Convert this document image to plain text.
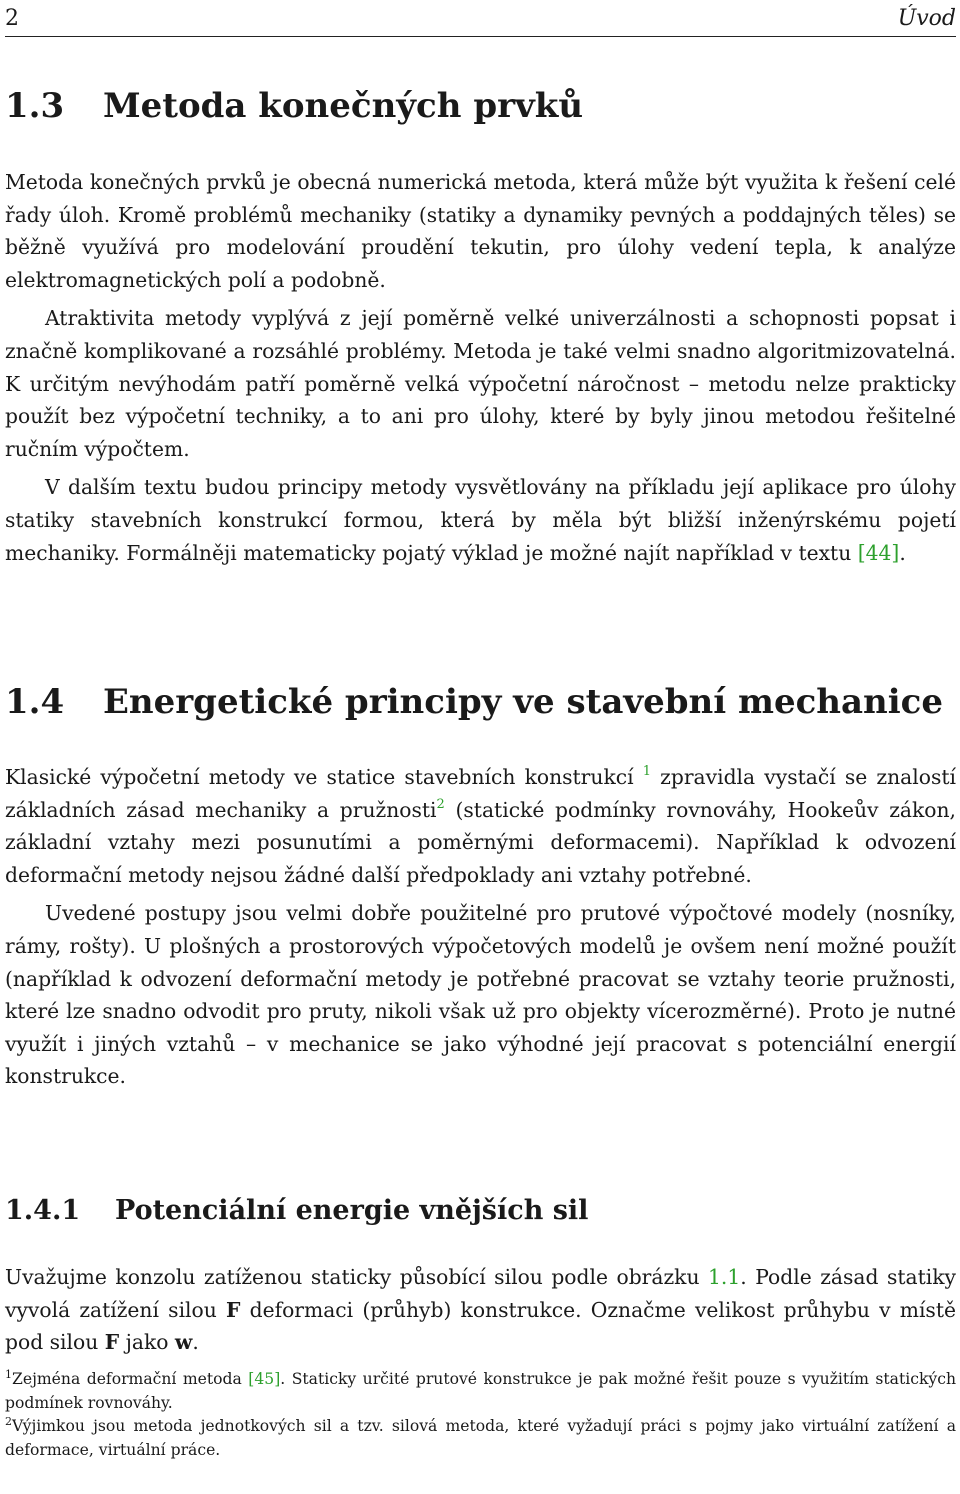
2	Úvod
1.3 Metoda konečných prvků

Metoda konečných prvků je obecná numerická metoda, která může být využita k řešení celé řady úloh. Kromě problémů mechaniky (statiky a dynamiky pevných a poddajných těles) se běžně využívá pro modelování proudění tekutin, pro úlohy vedení tepla, k analýze elektromagnetických polí a podobně.

Atraktivita metody vyplývá z její poměrně velké univerzálnosti a schopnosti popsat i značně komplikované a rozsáhlé problémy. Metoda je také velmi snadno algoritmizovatelná. K určitým nevýhodám patří poměrně velká výpočetní náročnost – metodu nelze prakticky použít bez výpočetní techniky, a to ani pro úlohy, které by byly jinou metodou řešitelné ručním výpočtem.

V dalším textu budou principy metody vysvětlovány na příkladu její aplikace pro úlohy statiky stavebních konstrukcí formou, která by měla být bližší inženýrskému pojetí mechaniky. Formálněji matematicky pojatý výklad je možné najít například v textu [44].

1.4 Energetické principy ve stavební mechanice

Klasické výpočetní metody ve statice stavebních konstrukcí $^1$ zpravidla vystačí se znalostí základních zásad mechaniky a pružnosti$^2$ (statické podmínky rovnováhy, Hookeův zákon, základní vztahy mezi posunutími a poměrnými deformacemi). Například k odvození deformační metody nejsou žádné další předpoklady ani vztahy potřebné.

Uvedené postupy jsou velmi dobře použitelné pro prutové výpočtové modely (nosníky, rámy, rošty). U plošných a prostorových výpočetových modelů je ovšem není možné použít (například k odvození deformační metody je potřebné pracovat se vztahy teorie pružnosti, které lze snadno odvodit pro pruty, nikoli však už pro objekty vícerozměrné). Proto je nutné využít i jiných vztahů – v mechanice se jako výhodné její pracovat s potenciální energií konstrukce.

1.4.1 Potenciální energie vnějších sil

Uvažujme konzolu zatíženou staticky působící silou podle obrázku 1.1. Podle zásad statiky vyvolá zatížení silou F deformaci (průhyb) konstrukce. Označme velikost průhybu v místě pod silou F jako w.

$^1$Zejména deformační metoda [45]. Staticky určité prutové konstrukce je pak možné řešit pouze s využitím statických podmínek rovnováhy.

$^2$Výjimkou jsou metoda jednotkových sil a tzv. silová metoda, které vyžadují práci s pojmy jako virtuální zatížení a deformace, virtuální práce.
